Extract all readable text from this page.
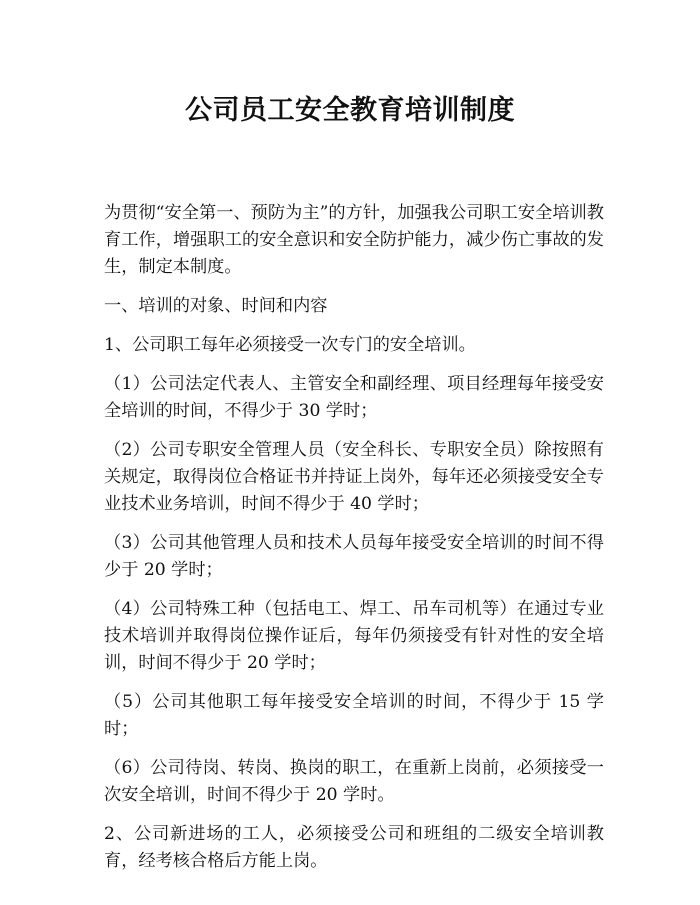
公司员工安全教育培训制度

为贯彻“安全第一、预防为主”的方针，加强我公司职工安全培训教育工作，增强职工的安全意识和安全防护能力，减少伤亡事故的发生，制定本制度。

一、培训的对象、时间和内容

1、公司职工每年必须接受一次专门的安全培训。

（1）公司法定代表人、主管安全和副经理、项目经理每年接受安全培训的时间，不得少于 30 学时；

（2）公司专职安全管理人员（安全科长、专职安全员）除按照有关规定，取得岗位合格证书并持证上岗外，每年还必须接受安全专业技术业务培训，时间不得少于 40 学时；

（3）公司其他管理人员和技术人员每年接受安全培训的时间不得少于 20 学时；

（4）公司特殊工种（包括电工、焊工、吊车司机等）在通过专业技术培训并取得岗位操作证后，每年仍须接受有针对性的安全培训，时间不得少于 20 学时；

（5）公司其他职工每年接受安全培训的时间，不得少于 15 学时；

（6）公司待岗、转岗、换岗的职工，在重新上岗前，必须接受一次安全培训，时间不得少于 20 学时。

2、公司新进场的工人，必须接受公司和班组的二级安全培训教育，经考核合格后方能上岗。
